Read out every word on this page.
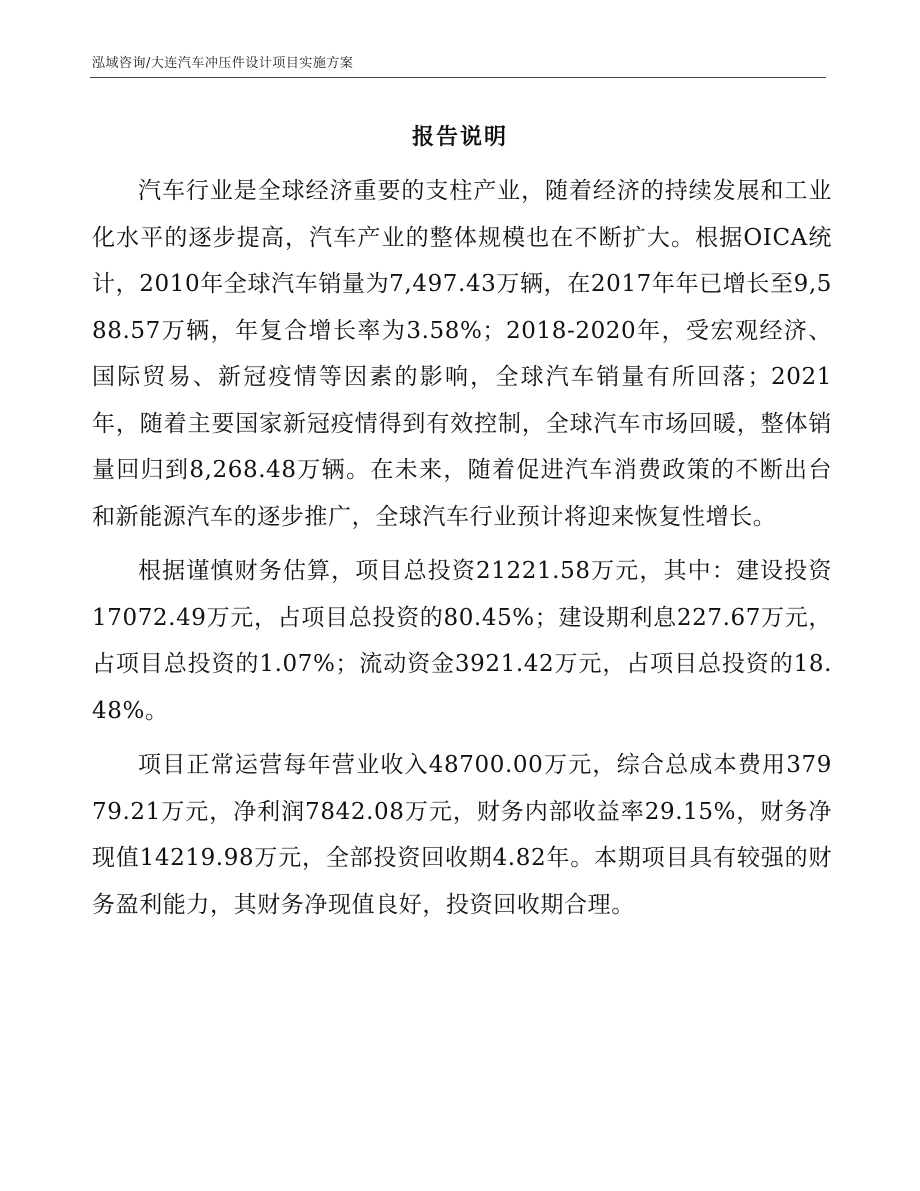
泓域咨询/大连汽车冲压件设计项目实施方案
报告说明

汽车行业是全球经济重要的支柱产业，随着经济的持续发展和工业化水平的逐步提高，汽车产业的整体规模也在不断扩大。根据OICA统计，2010年全球汽车销量为7,497.43万辆，在2017年年已增长至9,588.57万辆，年复合增长率为3.58%；2018-2020年，受宏观经济、国际贸易、新冠疫情等因素的影响，全球汽车销量有所回落；2021年，随着主要国家新冠疫情得到有效控制，全球汽车市场回暖，整体销量回归到8,268.48万辆。在未来，随着促进汽车消费政策的不断出台和新能源汽车的逐步推广，全球汽车行业预计将迎来恢复性增长。

根据谨慎财务估算，项目总投资21221.58万元，其中：建设投资17072.49万元，占项目总投资的80.45%；建设期利息227.67万元，占项目总投资的1.07%；流动资金3921.42万元，占项目总投资的18.48%。

项目正常运营每年营业收入48700.00万元，综合总成本费用37979.21万元，净利润7842.08万元，财务内部收益率29.15%，财务净现值14219.98万元，全部投资回收期4.82年。本期项目具有较强的财务盈利能力，其财务净现值良好，投资回收期合理。
